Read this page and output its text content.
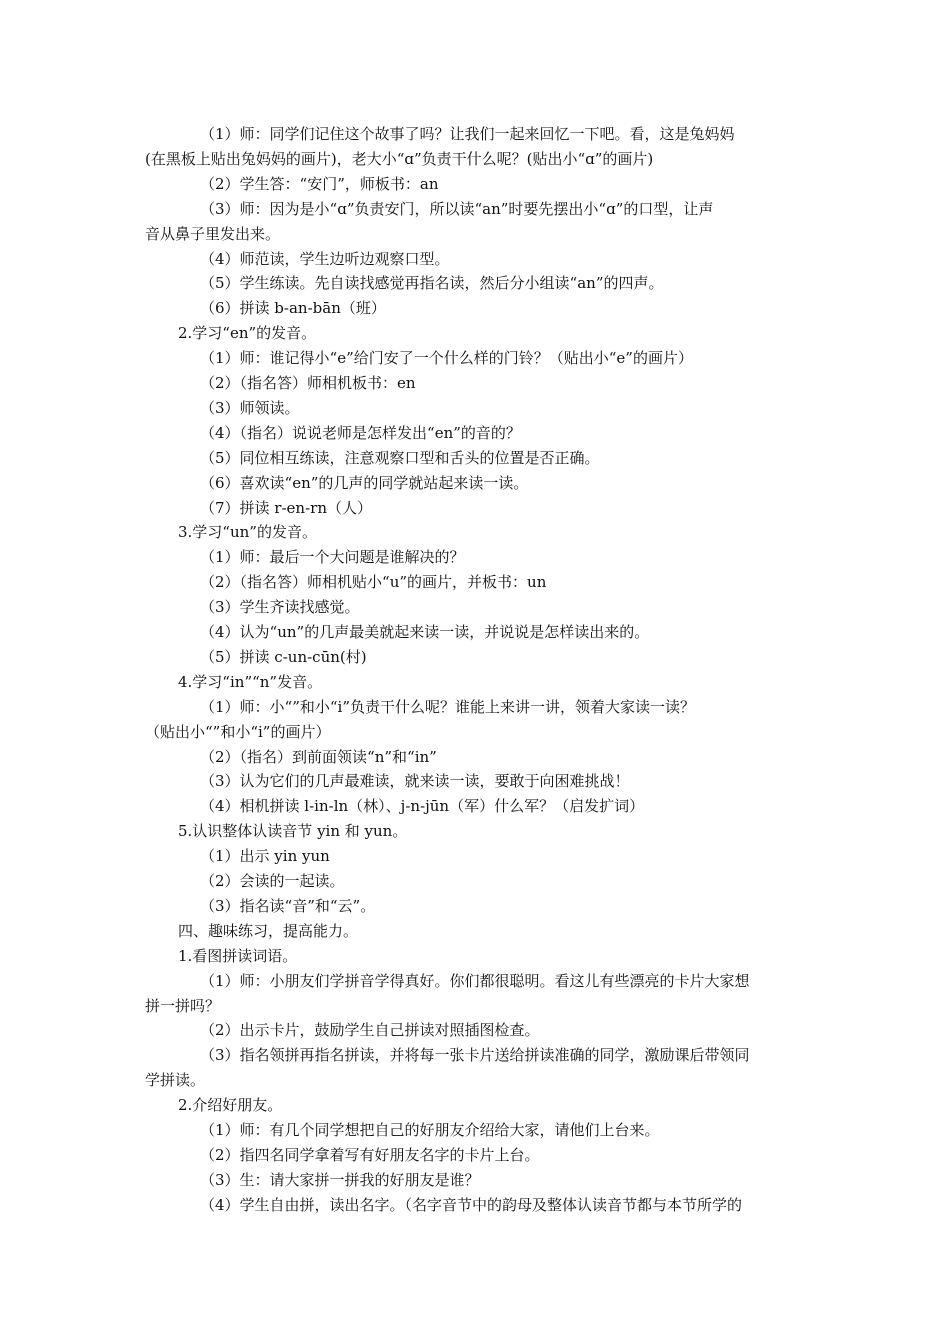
（1）师：同学们记住这个故事了吗？让我们一起来回忆一下吧。看，这是兔妈妈
(在黑板上贴出兔妈妈的画片)，老大小“ɑ”负责干什么呢？(贴出小“ɑ”的画片)
（2）学生答：“安门”，师板书：an
（3）师：因为是小“ɑ”负责安门，所以读“an”时要先摆出小“ɑ”的口型，让声
音从鼻子里发出来。
（4）师范读，学生边听边观察口型。
（5）学生练读。先自读找感觉再指名读，然后分小组读“an”的四声。
（6）拼读 b-an-bān（班）
2.学习“en”的发音。
（1）师：谁记得小“e”给门安了一个什么样的门铃？（贴出小“e”的画片）
（2）（指名答）师相机板书：en
（3）师领读。
（4）（指名）说说老师是怎样发出“en”的音的？
（5）同位相互练读，注意观察口型和舌头的位置是否正确。
（6）喜欢读“en”的几声的同学就站起来读一读。
（7）拼读 r-en-rn（人）
3.学习“un”的发音。
（1）师：最后一个大问题是谁解决的？
（2）（指名答）师相机贴小“u”的画片，并板书：un
（3）学生齐读找感觉。
（4）认为“un”的几声最美就起来读一读，并说说是怎样读出来的。
（5）拼读 c-un-cūn(村)
4.学习“in”“n”发音。
（1）师：小“”和小“i”负责干什么呢？谁能上来讲一讲，领着大家读一读？
（贴出小“”和小“i”的画片）
（2）（指名）到前面领读“n”和“in”
（3）认为它们的几声最难读，就来读一读，要敢于向困难挑战！
（4）相机拼读 l-in-ln（林）、j-n-jūn（军）什么军？（启发扩词）
5.认识整体认读音节 yin 和 yun。
（1）出示 yin yun
（2）会读的一起读。
（3）指名读“音”和“云”。
四、趣味练习，提高能力。
1.看图拼读词语。
（1）师：小朋友们学拼音学得真好。你们都很聪明。看这儿有些漂亮的卡片大家想
拼一拼吗？
（2）出示卡片，鼓励学生自己拼读对照插图检查。
（3）指名领拼再指名拼读，并将每一张卡片送给拼读准确的同学，激励课后带领同
学拼读。
2.介绍好朋友。
（1）师：有几个同学想把自己的好朋友介绍给大家，请他们上台来。
（2）指四名同学拿着写有好朋友名字的卡片上台。
（3）生：请大家拼一拼我的好朋友是谁？
（4）学生自由拼，读出名字。（名字音节中的韵母及整体认读音节都与本节所学的
